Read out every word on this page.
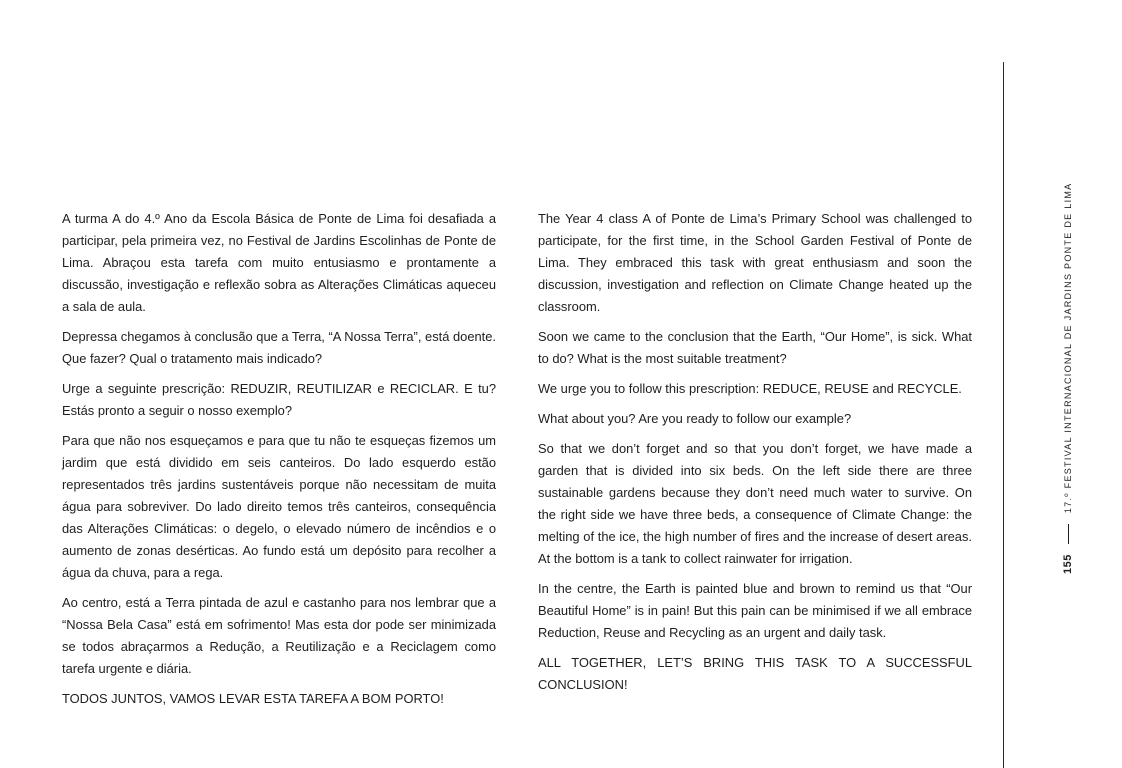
A turma A do 4.º Ano da Escola Básica de Ponte de Lima foi desafiada a participar, pela primeira vez, no Festival de Jardins Escolinhas de Ponte de Lima. Abraçou esta tarefa com muito entusiasmo e prontamente a discussão, investigação e reflexão sobra as Alterações Climáticas aqueceu a sala de aula.

Depressa chegamos à conclusão que a Terra, “A Nossa Terra”, está doente. Que fazer? Qual o tratamento mais indicado?

Urge a seguinte prescrição: REDUZIR, REUTILIZAR e RECICLAR. E tu? Estás pronto a seguir o nosso exemplo?

Para que não nos esqueçamos e para que tu não te esqueças fizemos um jardim que está dividido em seis canteiros. Do lado esquerdo estão representados três jardins sustentáveis porque não necessitam de muita água para sobreviver. Do lado direito temos três canteiros, consequência das Alterações Climáticas: o degelo, o elevado número de incêndios e o aumento de zonas desérticas. Ao fundo está um depósito para recolher a água da chuva, para a rega.

Ao centro, está a Terra pintada de azul e castanho para nos lembrar que a “Nossa Bela Casa” está em sofrimento! Mas esta dor pode ser minimizada se todos abraçarmos a Redução, a Reutilização e a Reciclagem como tarefa urgente e diária.

TODOS JUNTOS, VAMOS LEVAR ESTA TAREFA A BOM PORTO!

The Year 4 class A of Ponte de Lima’s Primary School was challenged to participate, for the first time, in the School Garden Festival of Ponte de Lima. They embraced this task with great enthusiasm and soon the discussion, investigation and reflection on Climate Change heated up the classroom.

Soon we came to the conclusion that the Earth, “Our Home”, is sick. What to do? What is the most suitable treatment?

We urge you to follow this prescription: REDUCE, REUSE and RECYCLE.

What about you? Are you ready to follow our example?

So that we don’t forget and so that you don’t forget, we have made a garden that is divided into six beds. On the left side there are three sustainable gardens because they don’t need much water to survive. On the right side we have three beds, a consequence of Climate Change: the melting of the ice, the high number of fires and the increase of desert areas. At the bottom is a tank to collect rainwater for irrigation.

In the centre, the Earth is painted blue and brown to remind us that “Our Beautiful Home” is in pain! But this pain can be minimised if we all embrace Reduction, Reuse and Recycling as an urgent and daily task.

ALL TOGETHER, LET’S BRING THIS TASK TO A SUCCESSFUL CONCLUSION!

155
17.º FESTIVAL INTERNACIONAL DE JARDINS PONTE DE LIMA
